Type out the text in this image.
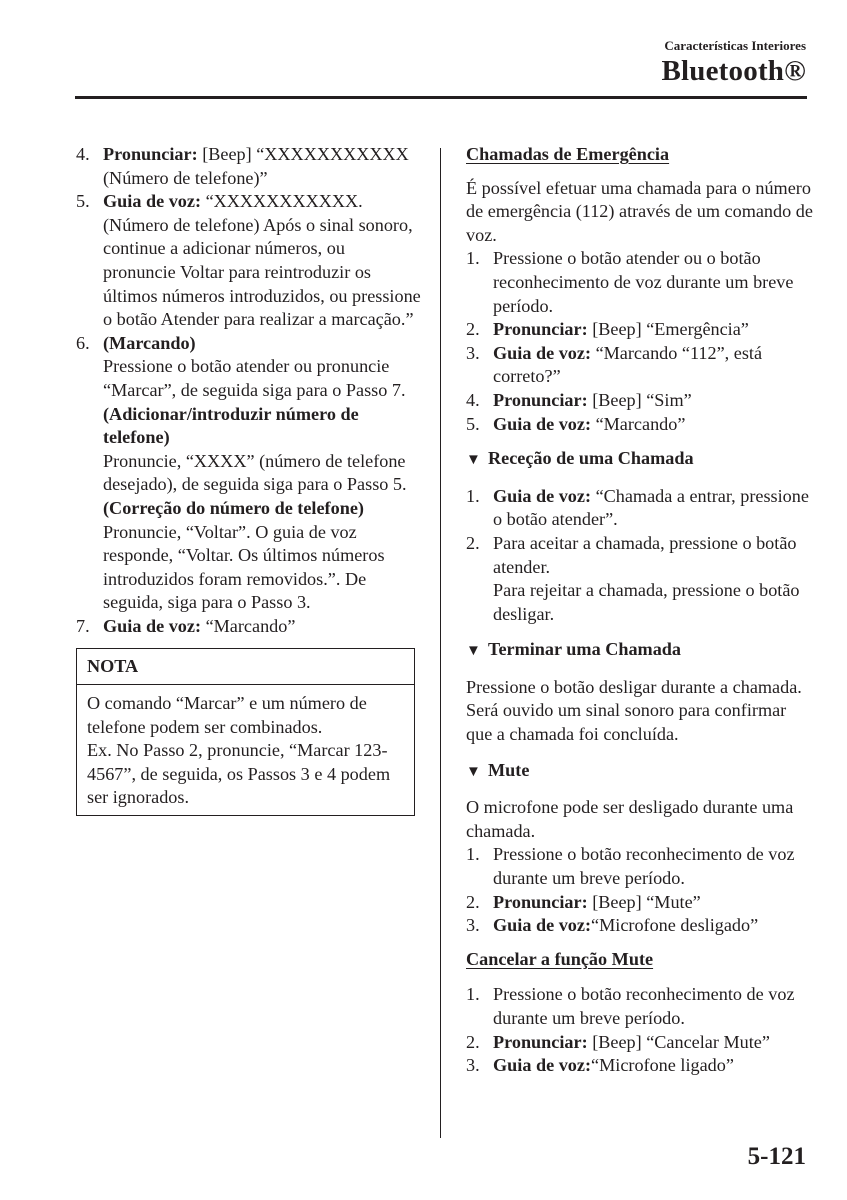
Características Interiores
Bluetooth®
4. Pronunciar: [Beep] “XXXXXXXXXXX (Número de telefone)”
5. Guia de voz: “XXXXXXXXXXX. (Número de telefone) Após o sinal sonoro, continue a adicionar números, ou pronuncie Voltar para reintroduzir os últimos números introduzidos, ou pressione o botão Atender para realizar a marcação.”
6. (Marcando)
Pressione o botão atender ou pronuncie “Marcar”, de seguida siga para o Passo 7.
(Adicionar/introduzir número de telefone)
Pronuncie, “XXXX” (número de telefone desejado), de seguida siga para o Passo 5.
(Correção do número de telefone)
Pronuncie, “Voltar”. O guia de voz responde, “Voltar. Os últimos números introduzidos foram removidos.”. De seguida, siga para o Passo 3.
7. Guia de voz: “Marcando”
NOTA
O comando “Marcar” e um número de telefone podem ser combinados.
Ex. No Passo 2, pronuncie, “Marcar 123-4567”, de seguida, os Passos 3 e 4 podem ser ignorados.
Chamadas de Emergência
É possível efetuar uma chamada para o número de emergência (112) através de um comando de voz.
1. Pressione o botão atender ou o botão reconhecimento de voz durante um breve período.
2. Pronunciar: [Beep] “Emergência”
3. Guia de voz: “Marcando “112”, está correto?”
4. Pronunciar: [Beep] “Sim”
5. Guia de voz: “Marcando”
▼ Receção de uma Chamada
1. Guia de voz: “Chamada a entrar, pressione o botão atender”.
2. Para aceitar a chamada, pressione o botão atender.
Para rejeitar a chamada, pressione o botão desligar.
▼ Terminar uma Chamada
Pressione o botão desligar durante a chamada. Será ouvido um sinal sonoro para confirmar que a chamada foi concluída.
▼ Mute
O microfone pode ser desligado durante uma chamada.
1. Pressione o botão reconhecimento de voz durante um breve período.
2. Pronunciar: [Beep] “Mute”
3. Guia de voz:“Microfone desligado”
Cancelar a função Mute
1. Pressione o botão reconhecimento de voz durante um breve período.
2. Pronunciar: [Beep] “Cancelar Mute”
3. Guia de voz:“Microfone ligado”
5-121
